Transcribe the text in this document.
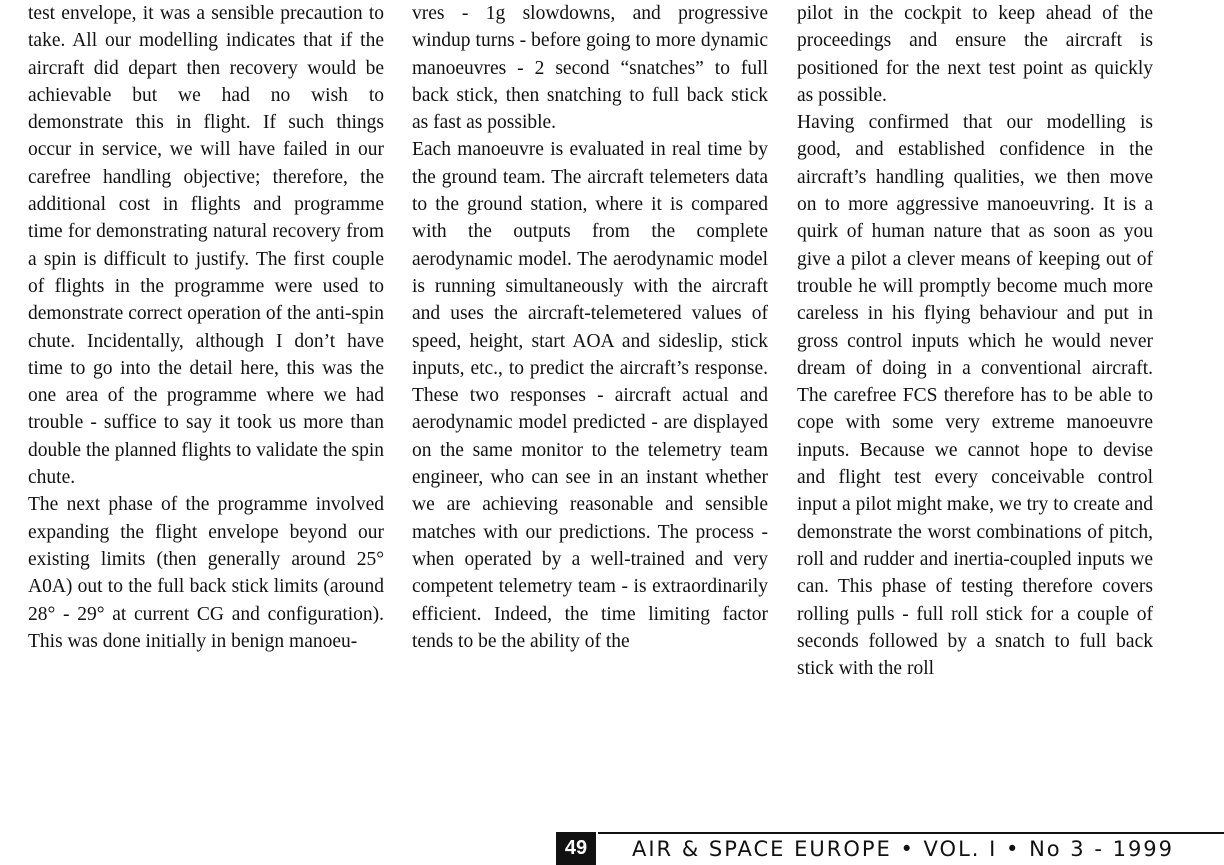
test envelope, it was a sensible precaution to take. All our modelling indicates that if the aircraft did depart then recovery would be achievable but we had no wish to demonstrate this in flight. If such things occur in service, we will have failed in our carefree handling objective; therefore, the additional cost in flights and programme time for demonstrating natural recovery from a spin is difficult to justify. The first couple of flights in the programme were used to demonstrate correct operation of the anti-spin chute. Incidentally, although I don’t have time to go into the detail here, this was the one area of the programme where we had trouble - suffice to say it took us more than double the planned flights to validate the spin chute.

The next phase of the programme involved expanding the flight envelope beyond our existing limits (then generally around 25° A0A) out to the full back stick limits (around 28° - 29° at current CG and configuration). This was done initially in benign manoeu-

vres - 1g slowdowns, and progressive windup turns - before going to more dynamic manoeuvres - 2 second “snatches” to full back stick, then snatching to full back stick as fast as possible.

Each manoeuvre is evaluated in real time by the ground team. The aircraft telemeters data to the ground station, where it is compared with the outputs from the complete aerodynamic model. The aerodynamic model is running simultaneously with the aircraft and uses the aircraft-telemetered values of speed, height, start AOA and sideslip, stick inputs, etc., to predict the aircraft’s response. These two responses - aircraft actual and aerodynamic model predicted - are displayed on the same monitor to the telemetry team engineer, who can see in an instant whether we are achieving reasonable and sensible matches with our predictions. The process - when operated by a well-trained and very competent telemetry team - is extraordinarily efficient. Indeed, the time limiting factor tends to be the ability of the

pilot in the cockpit to keep ahead of the proceedings and ensure the aircraft is positioned for the next test point as quickly as possible.

Having confirmed that our modelling is good, and established confidence in the aircraft’s handling qualities, we then move on to more aggressive manoeuvring. It is a quirk of human nature that as soon as you give a pilot a clever means of keeping out of trouble he will promptly become much more careless in his flying behaviour and put in gross control inputs which he would never dream of doing in a conventional aircraft. The carefree FCS therefore has to be able to cope with some very extreme manoeuvre inputs. Because we cannot hope to devise and flight test every conceivable control input a pilot might make, we try to create and demonstrate the worst combinations of pitch, roll and rudder and inertia-coupled inputs we can. This phase of testing therefore covers rolling pulls - full roll stick for a couple of seconds followed by a snatch to full back stick with the roll

49	AIR & SPACE EUROPE • VOL. I • No 3 - 1999
